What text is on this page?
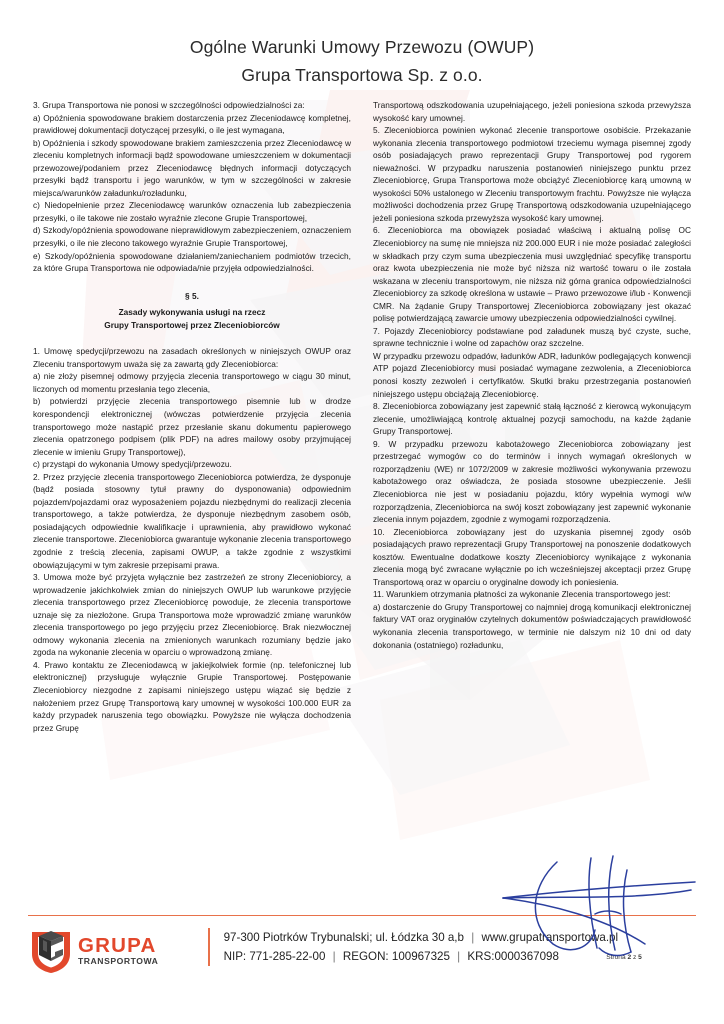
Ogólne Warunki Umowy Przewozu (OWUP)
Grupa Transportowa Sp. z o.o.

3. Grupa Transportowa nie ponosi w szczególności odpowiedzialności za:

a) Opóźnienia spowodowane brakiem dostarczenia przez Zleceniodawcę kompletnej, prawidłowej dokumentacji dotyczącej przesyłki, o ile jest wymagana,

b) Opóźnienia i szkody spowodowane brakiem zamieszczenia przez Zleceniodawcę w zleceniu kompletnych informacji bądź spowodowane umieszczeniem w dokumentacji przewozowej/podaniem przez Zleceniodawcę błędnych informacji dotyczących przesyłki bądź transportu i jego warunków, w tym w szczególności w zakresie miejsca/warunków załadunku/rozładunku,

c) Niedopełnienie przez Zleceniodawcę warunków oznaczenia lub zabezpieczenia przesyłki, o ile takowe nie zostało wyraźnie zlecone Grupie Transportowej,

d) Szkody/opóźnienia spowodowane nieprawidłowym zabezpieczeniem, oznaczeniem przesyłki, o ile nie zlecono takowego wyraźnie Grupie Transportowej,

e) Szkody/opóźnienia spowodowane działaniem/zaniechaniem podmiotów trzecich, za które Grupa Transportowa nie odpowiada/nie przyjęła odpowiedzialności.

§ 5.
Zasady wykonywania usługi na rzecz
Grupy Transportowej przez Zleceniobiorców

1. Umowę spedycji/przewozu na zasadach określonych w niniejszych OWUP oraz Zleceniu transportowym uważa się za zawartą gdy Zleceniobiorca:

a) nie złoży pisemnej odmowy przyjęcia zlecenia transportowego w ciągu 30 minut, liczonych od momentu przesłania tego zlecenia,

b) potwierdzi przyjęcie zlecenia transportowego pisemnie lub w drodze korespondencji elektronicznej (wówczas potwierdzenie przyjęcia zlecenia transportowego może nastąpić przez przesłanie skanu dokumentu papierowego zlecenia opatrzonego podpisem (plik PDF) na adres mailowy osoby przyjmującej zlecenie w imieniu Grupy Transportowej),

c) przystąpi do wykonania Umowy spedycji/przewozu.

2. Przez przyjęcie zlecenia transportowego Zleceniobiorca potwierdza, że dysponuje (bądź posiada stosowny tytuł prawny do dysponowania) odpowiednim pojazdem/pojazdami oraz wyposażeniem pojazdu niezbędnymi do realizacji zlecenia transportowego, a także potwierdza, że dysponuje niezbędnym zasobem osób, posiadających odpowiednie kwalifikacje i uprawnienia, aby prawidłowo wykonać zlecenie transportowe. Zleceniobiorca gwarantuje wykonanie zlecenia transportowego zgodnie z treścią zlecenia, zapisami OWUP, a także zgodnie z wszystkimi obowiązującymi w tym zakresie przepisami prawa.

3. Umowa może być przyjęta wyłącznie bez zastrzeżeń ze strony Zleceniobiorcy, a wprowadzenie jakichkolwiek zmian do niniejszych OWUP lub warunkowe przyjęcie zlecenia transportowego przez Zleceniobiorcę powoduje, że zlecenia transportowe uznaje się za niezłożone. Grupa Transportowa może wprowadzić zmianę warunków zlecenia transportowego po jego przyjęciu przez Zleceniobiorcę. Brak niezwłocznej odmowy wykonania zlecenia na zmienionych warunkach rozumiany będzie jako zgoda na wykonanie zlecenia w oparciu o wprowadzoną zmianę.

4. Prawo kontaktu ze Zleceniodawcą w jakiejkolwiek formie (np. telefonicznej lub elektronicznej) przysługuje wyłącznie Grupie Transportowej. Postępowanie Zleceniobiorcy niezgodne z zapisami niniejszego ustępu wiązać się będzie z nałożeniem przez Grupę Transportową kary umownej w wysokości 100.000 EUR za każdy przypadek naruszenia tego obowiązku. Powyższe nie wyłącza dochodzenia przez Grupę

Transportową odszkodowania uzupełniającego, jeżeli poniesiona szkoda przewyższa wysokość kary umownej.

5. Zleceniobiorca powinien wykonać zlecenie transportowe osobiście. Przekazanie wykonania zlecenia transportowego podmiotowi trzeciemu wymaga pisemnej zgody osób posiadających prawo reprezentacji Grupy Transportowej pod rygorem nieważności. W przypadku naruszenia postanowień niniejszego punktu przez Zleceniobiorcę, Grupa Transportowa może obciążyć Zleceniobiorcę karą umowną w wysokości 50% ustalonego w Zleceniu transportowym frachtu. Powyższe nie wyłącza możliwości dochodzenia przez Grupę Transportową odszkodowania uzupełniającego jeżeli poniesiona szkoda przewyższa wysokość kary umownej.

6. Zleceniobiorca ma obowiązek posiadać właściwą i aktualną polisę OC Zleceniobiorcy na sumę nie mniejsza niż 200.000 EUR i nie może posiadać zaległości w składkach przy czym suma ubezpieczenia musi uwzględniać specyfikę transportu oraz kwota ubezpieczenia nie może być niższa niż wartość towaru o ile została wskazana w zleceniu transportowym, nie niższa niż górna granica odpowiedzialności Zleceniobiorcy za szkodę określona w ustawie – Prawo przewozowe i/lub - Konwencji CMR. Na żądanie Grupy Transportowej Zleceniobiorca zobowiązany jest okazać polisę potwierdzającą zawarcie umowy ubezpieczenia odpowiedzialności cywilnej.

7. Pojazdy Zleceniobiorcy podstawiane pod załadunek muszą być czyste, suche, sprawne technicznie i wolne od zapachów oraz szczelne.

W przypadku przewozu odpadów, ładunków ADR, ładunków podlegających konwencji ATP pojazd Zleceniobiorcy musi posiadać wymagane zezwolenia, a Zleceniobiorca ponosi koszty zezwoleń i certyfikatów. Skutki braku przestrzegania postanowień niniejszego ustępu obciążają Zleceniobiorcę.

8. Zleceniobiorca zobowiązany jest zapewnić stałą łączność z kierowcą wykonującym zlecenie, umożliwiającą kontrolę aktualnej pozycji samochodu, na każde żądanie Grupy Transportowej.

9. W przypadku przewozu kabotażowego Zleceniobiorca zobowiązany jest przestrzegać wymogów co do terminów i innych wymagań określonych w rozporządzeniu (WE) nr 1072/2009 w zakresie możliwości wykonywania przewozu kabotażowego oraz oświadcza, że posiada stosowne ubezpieczenie. Jeśli Zleceniobiorca nie jest w posiadaniu pojazdu, który wypełnia wymogi w/w rozporządzenia, Zleceniobiorca na swój koszt zobowiązany jest zapewnić wykonanie zlecenia innym pojazdem, zgodnie z wymogami rozporządzenia.

10. Zleceniobiorca zobowiązany jest do uzyskania pisemnej zgody osób posiadających prawo reprezentacji Grupy Transportowej na ponoszenie dodatkowych kosztów. Ewentualne dodatkowe koszty Zleceniobiorcy wynikające z wykonania zlecenia mogą być zwracane wyłącznie po ich wcześniejszej akceptacji przez Grupę Transportową oraz w oparciu o oryginalne dowody ich poniesienia.

11. Warunkiem otrzymania płatności za wykonanie Zlecenia transportowego jest:

a) dostarczenie do Grupy Transportowej co najmniej drogą komunikacji elektronicznej faktury VAT oraz oryginałów czytelnych dokumentów poświadczających prawidłowość wykonania zlecenia transportowego, w terminie nie dalszym niż 10 dni od daty dokonania (ostatniego) rozładunku,

GRUPA
TRANSPORTOWA
97-300 Piotrków Trybunalski; ul. Łódzka 30 a,b | www.grupatransportowa.pl
NIP: 771-285-22-00 | REGON: 100967325 | KRS:0000367098	Strona 2 z 5
